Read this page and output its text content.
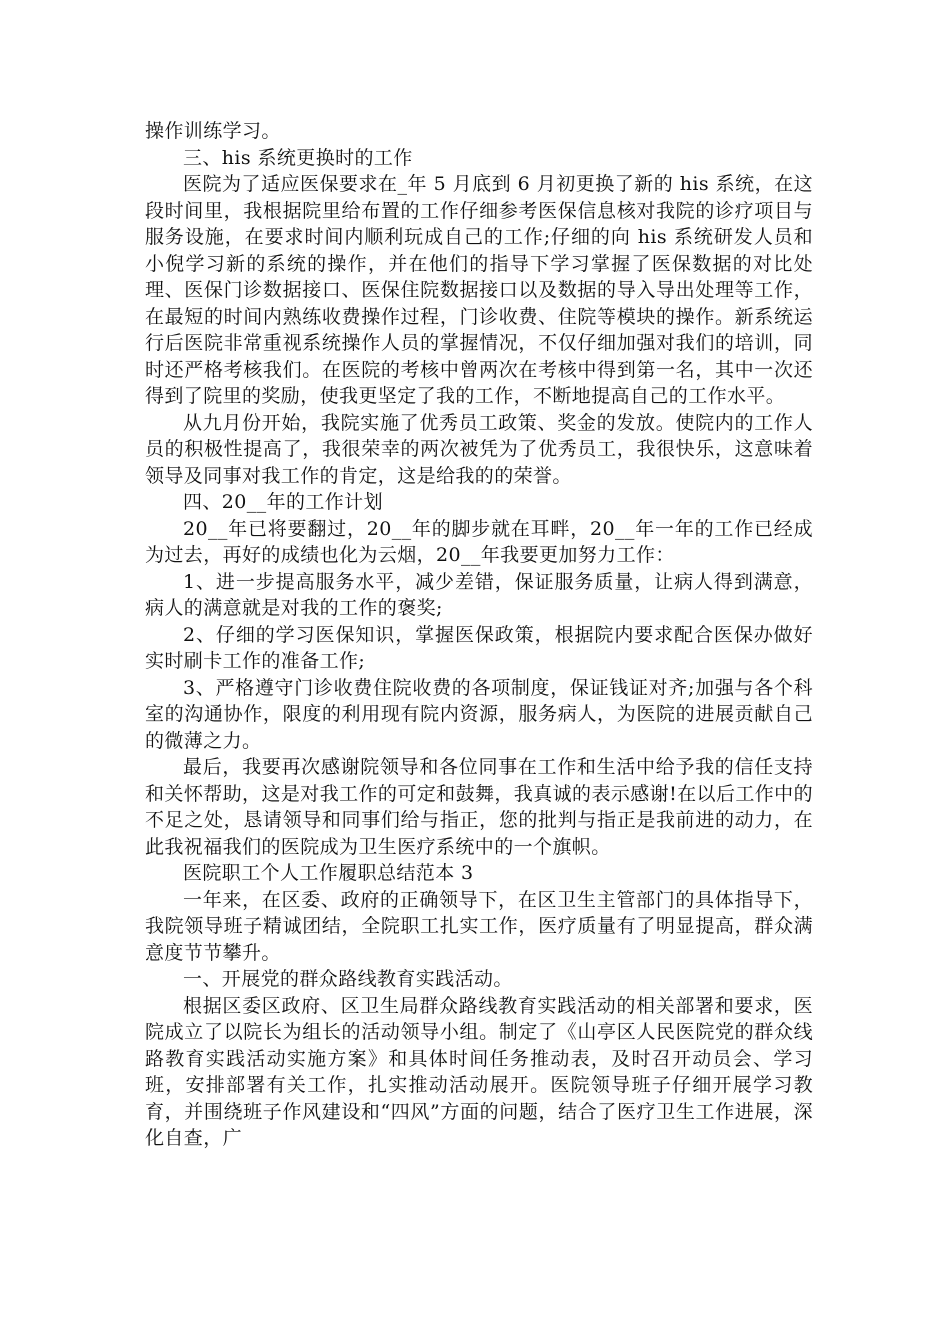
操作训练学习。

三、his 系统更换时的工作

医院为了适应医保要求在_年 5 月底到 6 月初更换了新的 his 系统，在这段时间里，我根据院里给布置的工作仔细参考医保信息核对我院的诊疗项目与服务设施，在要求时间内顺利玩成自己的工作;仔细的向 his 系统研发人员和小倪学习新的系统的操作，并在他们的指导下学习掌握了医保数据的对比处理、医保门诊数据接口、医保住院数据接口以及数据的导入导出处理等工作，在最短的时间内熟练收费操作过程，门诊收费、住院等模块的操作。新系统运行后医院非常重视系统操作人员的掌握情况，不仅仔细加强对我们的培训，同时还严格考核我们。在医院的考核中曾两次在考核中得到第一名，其中一次还得到了院里的奖励，使我更坚定了我的工作，不断地提高自己的工作水平。

从九月份开始，我院实施了优秀员工政策、奖金的发放。使院内的工作人员的积极性提高了，我很荣幸的两次被凭为了优秀员工，我很快乐，这意味着领导及同事对我工作的肯定，这是给我的的荣誉。

四、20__年的工作计划

20__年已将要翻过，20__年的脚步就在耳畔，20__年一年的工作已经成为过去，再好的成绩也化为云烟，20__年我要更加努力工作：

1、进一步提高服务水平，减少差错，保证服务质量，让病人得到满意，病人的满意就是对我的工作的褒奖;

2、仔细的学习医保知识，掌握医保政策，根据院内要求配合医保办做好实时刷卡工作的准备工作;

3、严格遵守门诊收费住院收费的各项制度，保证钱证对齐;加强与各个科室的沟通协作，限度的利用现有院内资源，服务病人，为医院的进展贡献自己的微薄之力。

最后，我要再次感谢院领导和各位同事在工作和生活中给予我的信任支持和关怀帮助，这是对我工作的可定和鼓舞，我真诚的表示感谢!在以后工作中的不足之处，恳请领导和同事们给与指正，您的批判与指正是我前进的动力，在此我祝福我们的医院成为卫生医疗系统中的一个旗帜。

医院职工个人工作履职总结范本 3

一年来，在区委、政府的正确领导下，在区卫生主管部门的具体指导下，我院领导班子精诚团结，全院职工扎实工作，医疗质量有了明显提高，群众满意度节节攀升。

一、开展党的群众路线教育实践活动。

根据区委区政府、区卫生局群众路线教育实践活动的相关部署和要求，医院成立了以院长为组长的活动领导小组。制定了《山亭区人民医院党的群众线路教育实践活动实施方案》和具体时间任务推动表，及时召开动员会、学习班，安排部署有关工作，扎实推动活动展开。医院领导班子仔细开展学习教育，并围绕班子作风建设和“四风”方面的问题，结合了医疗卫生工作进展，深化自查，广
